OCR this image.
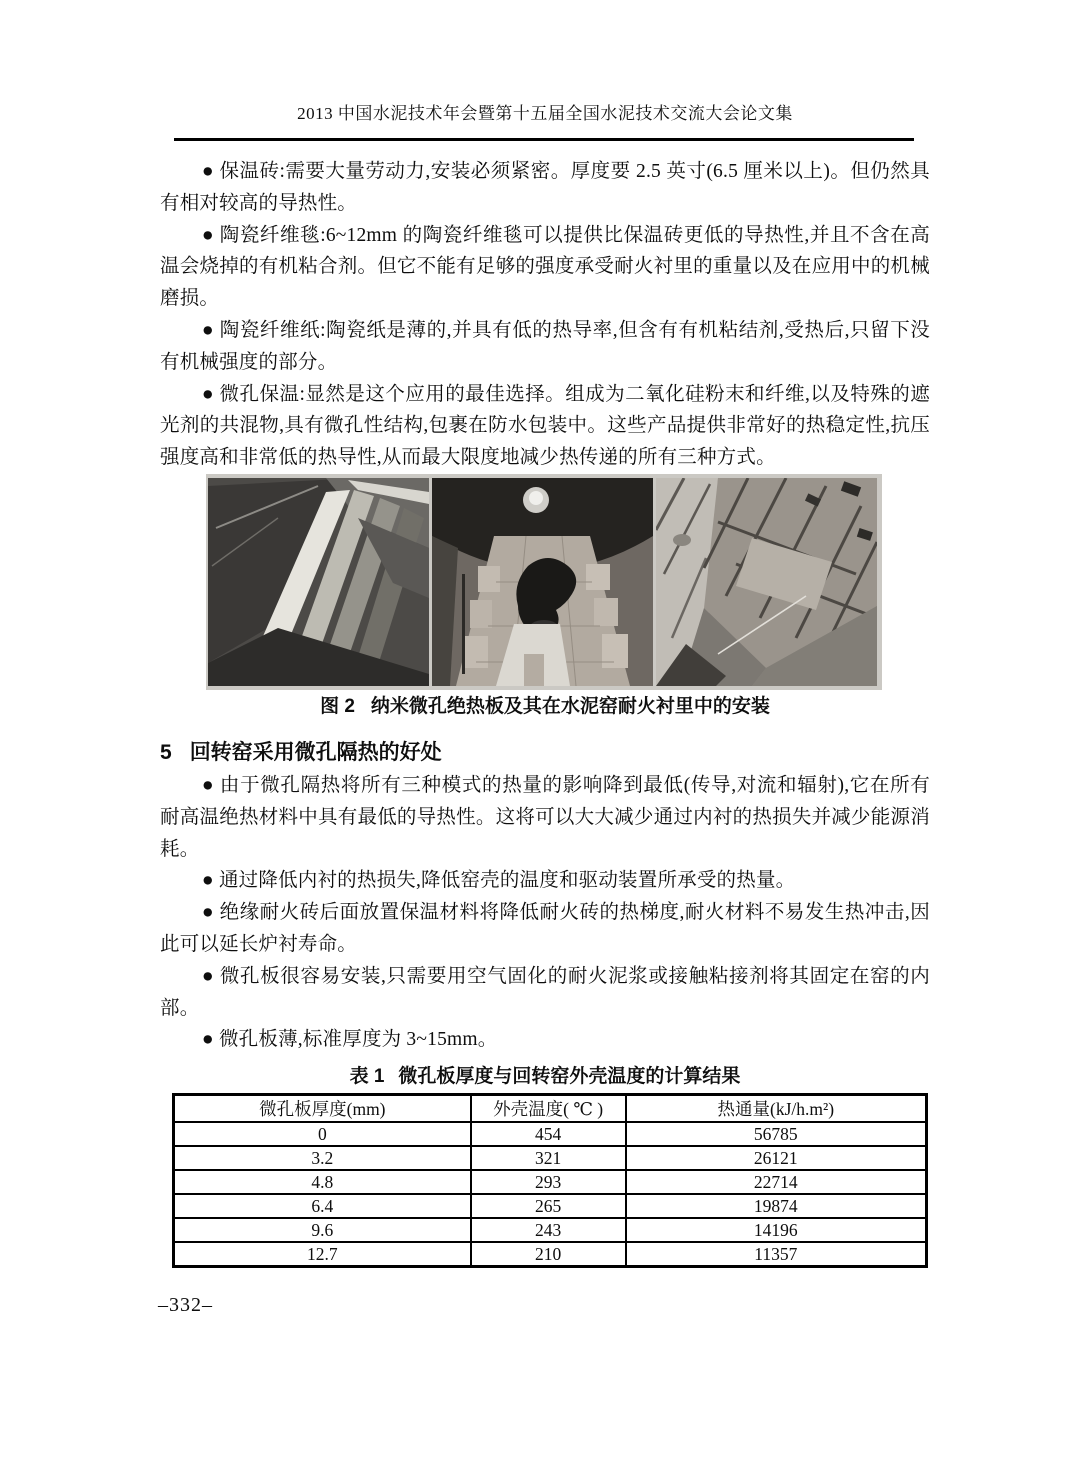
2013 中国水泥技术年会暨第十五届全国水泥技术交流大会论文集

● 保温砖:需要大量劳动力,安装必须紧密。厚度要 2.5 英寸(6.5 厘米以上)。但仍然具有相对较高的导热性。

● 陶瓷纤维毯:6~12mm 的陶瓷纤维毯可以提供比保温砖更低的导热性,并且不含在高温会烧掉的有机粘合剂。但它不能有足够的强度承受耐火衬里的重量以及在应用中的机械磨损。

● 陶瓷纤维纸:陶瓷纸是薄的,并具有低的热导率,但含有有机粘结剂,受热后,只留下没有机械强度的部分。

● 微孔保温:显然是这个应用的最佳选择。组成为二氧化硅粉末和纤维,以及特殊的遮光剂的共混物,具有微孔性结构,包裹在防水包装中。这些产品提供非常好的热稳定性,抗压强度高和非常低的热导性,从而最大限度地减少热传递的所有三种方式。

图 2 纳米微孔绝热板及其在水泥窑耐火衬里中的安装
5 回转窑采用微孔隔热的好处

● 由于微孔隔热将所有三种模式的热量的影响降到最低(传导,对流和辐射),它在所有耐高温绝热材料中具有最低的导热性。这将可以大大减少通过内衬的热损失并减少能源消耗。

● 通过降低内衬的热损失,降低窑壳的温度和驱动装置所承受的热量。

● 绝缘耐火砖后面放置保温材料将降低耐火砖的热梯度,耐火材料不易发生热冲击,因此可以延长炉衬寿命。

● 微孔板很容易安装,只需要用空气固化的耐火泥浆或接触粘接剂将其固定在窑的内部。

● 微孔板薄,标准厚度为 3~15mm。

表 1 微孔板厚度与回转窑外壳温度的计算结果
微孔板厚度(mm)	外壳温度( ℃ )	热通量(kJ/h.m²)
0	454	56785
3.2	321	26121
4.8	293	22714
6.4	265	19874
9.6	243	14196
12.7	210	11357
–332–
